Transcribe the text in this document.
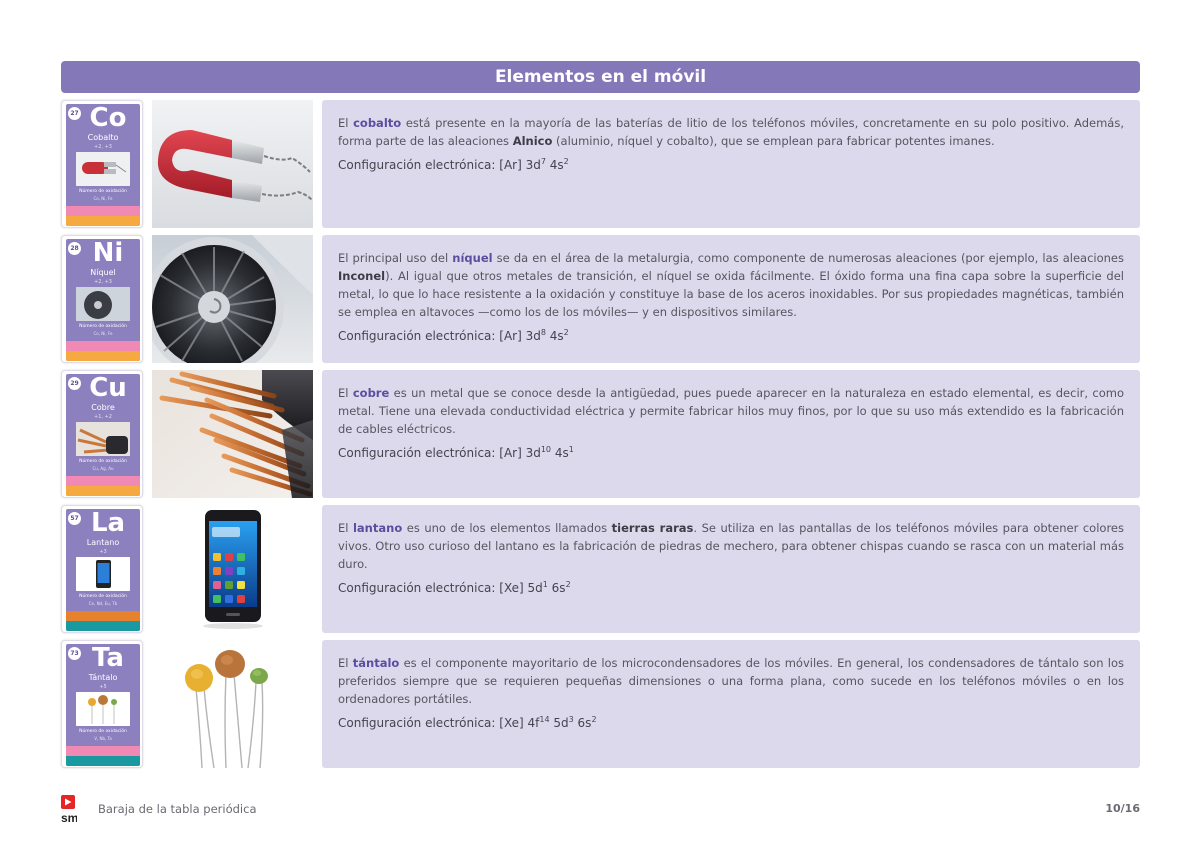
Elementos en el móvil
27 Co
Cobalto
+2, +3
Número de oxidación
Co, Ni, Fe

El cobalto está presente en la mayoría de las baterías de litio de los teléfonos móviles, concretamente en su polo positivo. Además, forma parte de las aleaciones Alnico (aluminio, níquel y cobalto), que se emplean para fabricar potentes imanes.

Configuración electrónica: [Ar] $3d^7$ $4s^2$

28 Ni
Níquel
+2, +3
Número de oxidación
Co, Ni, Fe

El principal uso del níquel se da en el área de la metalurgia, como componente de numerosas aleaciones (por ejemplo, las aleaciones Inconel). Al igual que otros metales de transición, el níquel se oxida fácilmente. El óxido forma una fina capa sobre la superficie del metal, lo que lo hace resistente a la oxidación y constituye la base de los aceros inoxidables. Por sus propiedades magnéticas, también se emplea en altavoces —como los de los móviles— y en dispositivos similares.

Configuración electrónica: [Ar] $3d^8$ $4s^2$

29 Cu
Cobre
+1, +2
Número de oxidación
Cu, Ag, Au

El cobre es un metal que se conoce desde la antigüedad, pues puede aparecer en la naturaleza en estado elemental, es decir, como metal. Tiene una elevada conductividad eléctrica y permite fabricar hilos muy finos, por lo que su uso más extendido es la fabricación de cables eléctricos.

Configuración electrónica: [Ar] $3d^{10}$ $4s^1$

57 La
Lantano
+3
Número de oxidación
Ce, Nd, Eu, Tb

El lantano es uno de los elementos llamados tierras raras. Se utiliza en las pantallas de los teléfonos móviles para obtener colores vivos. Otro uso curioso del lantano es la fabricación de piedras de mechero, para obtener chispas cuando se rasca con un material más duro.

Configuración electrónica: [Xe] $5d^1$ $6s^2$

73 Ta
Tántalo
+5
Número de oxidación
V, Nb, Ta

El tántalo es el componente mayoritario de los microcondensadores de los móviles. En general, los condensadores de tántalo son los preferidos siempre que se requieren pequeñas dimensiones o una forma plana, como sucede en los teléfonos móviles o en los ordenadores portátiles.

Configuración electrónica: [Xe] $4f^{14}$ $5d^3$ $6s^2$

sm
Baraja de la tabla periódica	10/16
